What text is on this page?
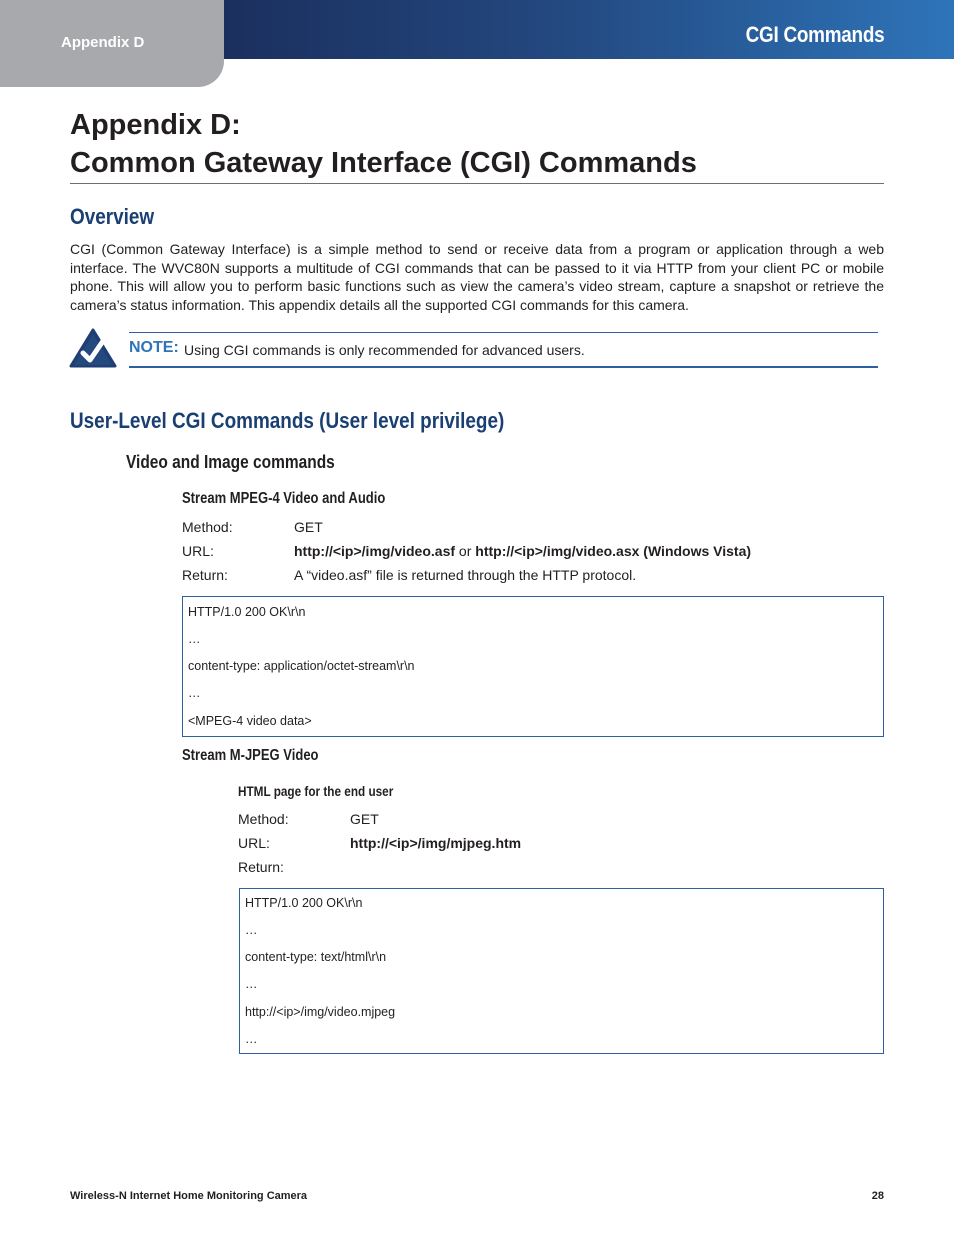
Appendix D	CGI Commands
Appendix D:
Common Gateway Interface (CGI) Commands
Overview

CGI (Common Gateway Interface) is a simple method to send or receive data from a program or application through a web interface. The WVC80N supports a multitude of CGI commands that can be passed to it via HTTP from your client PC or mobile phone. This will allow you to perform basic functions such as view the camera’s video stream, capture a snapshot or retrieve the camera’s status information. This appendix details all the supported CGI commands for this camera.

NOTE: Using CGI commands is only recommended for advanced users.
User-Level CGI Commands (User level privilege)
Video and Image commands
Stream MPEG-4 Video and Audio
Method:	GET
URL:	http://<ip>/img/video.asf or http://<ip>/img/video.asx (Windows Vista)
Return:	A “video.asf” file is returned through the HTTP protocol.
HTTP/1.0 200 OK\r\n
…
content-type: application/octet-stream\r\n
…
<MPEG-4 video data>
Stream M-JPEG Video
HTML page for the end user
Method:	GET
URL:	http://<ip>/img/mjpeg.htm
Return:
HTTP/1.0 200 OK\r\n
…
content-type: text/html\r\n
…
http://<ip>/img/video.mjpeg
…
Wireless-N Internet Home Monitoring Camera	28
